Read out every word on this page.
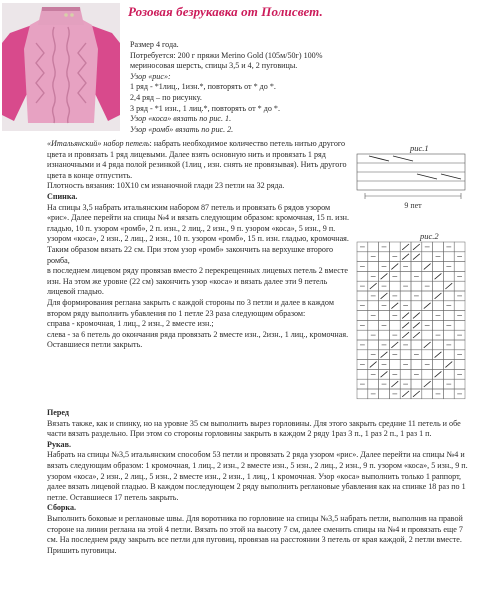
Розовая безрукавка от Полисвет.

Размер 4 года.

Потребуется: 200 г пряжи Merino Gold (105м/50г) 100% мериносовая шерсть, спицы 3,5 и 4, 2 пуговицы.

Узор «рис»:

1 ряд - *1лиц., 1изн.*, повторять от * до *.

2,4 ряд – по рисунку.

3 ряд - *1 изн., 1 лиц.*, повторять от * до *.

Узор «коса» вязать по рис. 1.

Узор «ромб» вязать по рис. 2.

рис.1
9 пет
рис.2

«Итальянский» набор петель: набрать необходимое количество петель нитью другого цвета и провязать 1 ряд лицевыми. Далее взять основную нить и провязать 1 ряд изнаночными и 4 ряда полой резинкой (1лиц , изн. снять не провязывая). Нить другого цвета в конце отпустить.

Плотность вязания: 10Х10 см изнаночной глади 23 петли на 32 ряда.

Спинка.

На спицы 3,5 набрать итальянским набором 87 петель и провязать 6 рядов узором «рис». Далее перейти на спицы №4 и вязать следующим образом: кромочная, 15 п. изн. гладью, 10 п. узором «ромб», 2 п. изн., 2 лиц., 2 изн., 9 п. узором «коса», 5 изн., 9 п. узором «коса», 2 изн., 2 лиц., 2 изн., 10 п. узором «ромб», 15 п. изн. гладью, кромочная. Таким образом вязать 22 см. При этом узор «ромб» закончить на верхушке второго ромба,

в последнем лицевом ряду провязав вместо 2 перекрещенных лицевых петель 2 вместе изн. На этом же уровне (22 см) закончить узор «коса» и вязать далее эти 9 петель лицевой гладью.

Для формирования реглана закрыть с каждой стороны по 3 петли и далее в каждом втором ряду выполнить убавления по 1 петле 23 раза следующим образом:

справа - кромочная, 1 лиц., 2 изн., 2 вместе изн.;

слева - за 6 петель до окончания ряда провязать 2 вместе изн., 2изн., 1 лиц., кромочная.

Оставшиеся петли закрыть.

Перед

Вязать также, как и спинку, но на уровне 35 см выполнить вырез горловины. Для этого закрыть средние 11 петель и обе части вязать раздельно. При этом со стороны горловины закрыть в каждом 2 ряду 1раз 3 п., 1 раз 2 п., 1 раз 1 п.

Рукав.

Набрать на спицы №3,5 итальянским способом 53 петли и провязать 2 ряда узором «рис». Далее перейти на спицы №4 и вязать следующим образом: 1 кромочная, 1 лиц., 2 изн., 2 вместе изн., 5 изн., 2 лиц., 2 изн., 9 п. узором «коса», 5 изн., 9 п. узором «коса», 2 изн., 2 лиц., 5 изн., 2 вместе изн., 2 изн., 1 лиц., 1 кромочная. Узор «коса» выполнить только 1 раппорт, далее вязать лицевой гладью. В каждом последующем 2 ряду выполнить реглановые убавления как на спинке 18 раз по 1 петле. Оставшиеся 17 петель закрыть.

Сборка.

Выполнить боковые и реглановые швы. Для воротника по горловине на спицы №3,5 набрать петли, выполнив на правой стороне на линии реглана на этой 4 петли. Вязать по этой на высоту 7 см, далее сменить спицы на №4 и провязать еще 7 см. На последнем ряду закрыть все петли для пуговиц, провязав на расстоянии 3 петель от края каждой, 2 петли вместе. Пришить пуговицы.
